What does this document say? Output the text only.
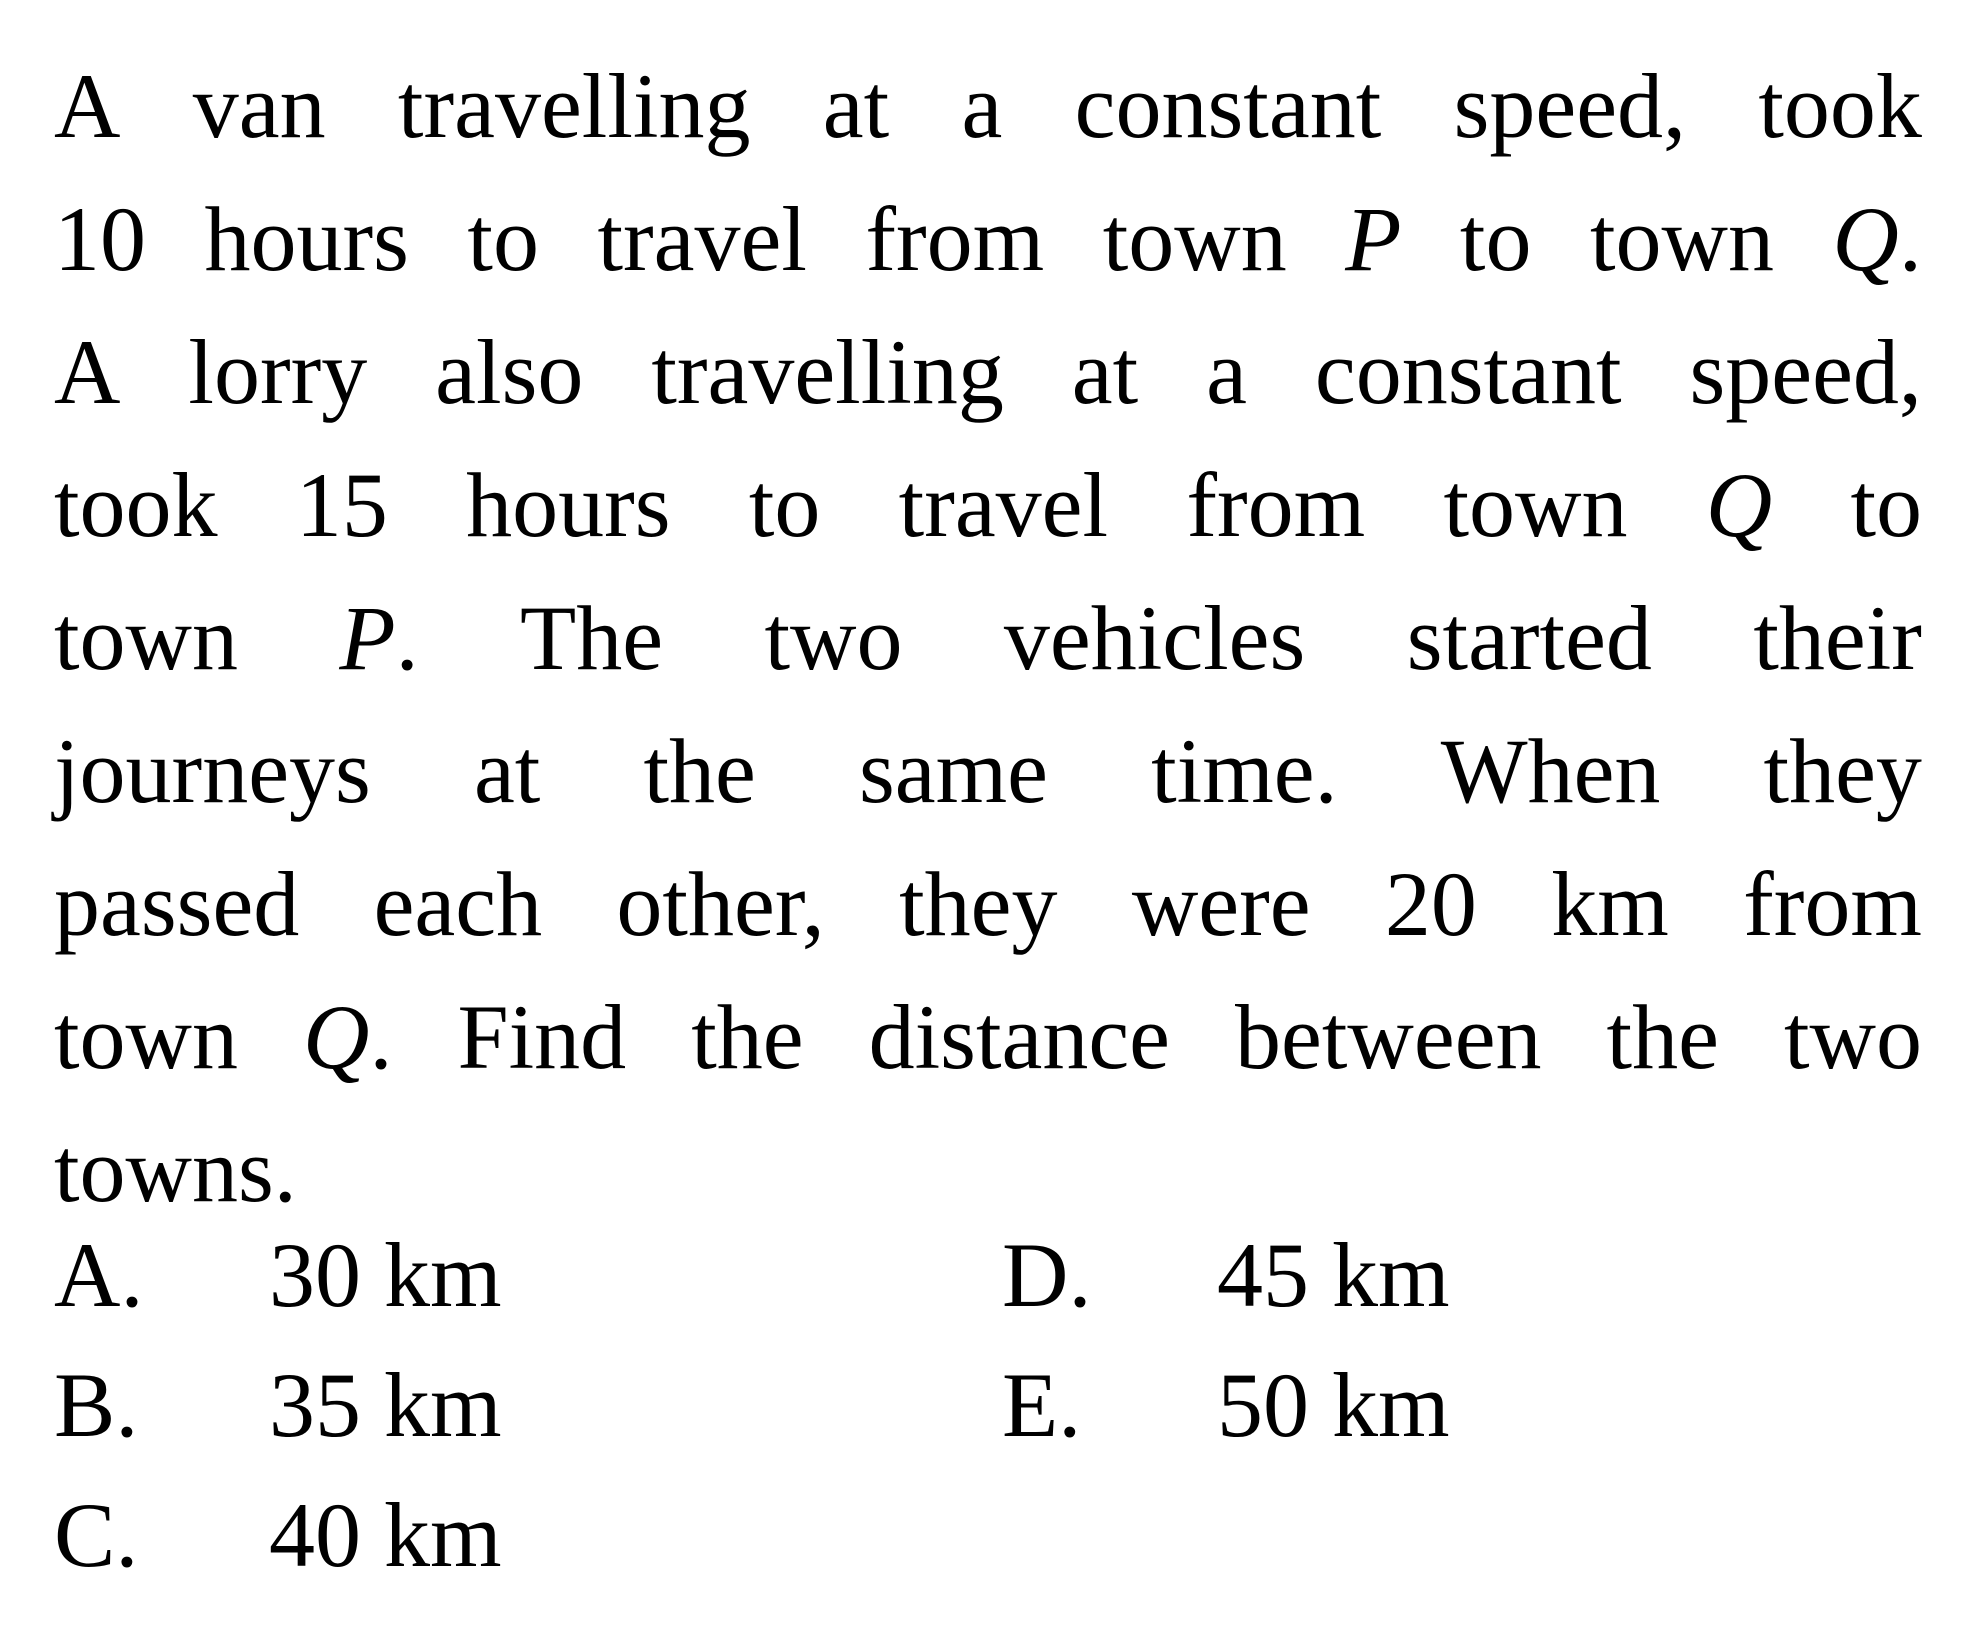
A van travelling at a constant speed, took
10 hours to travel from town P to town Q.
A lorry also travelling at a constant speed,
took 15 hours to travel from town Q to
town P. The two vehicles started their
journeys at the same time. When they
passed each other, they were 20 km from
town Q. Find the distance between the two
towns.
A. 30 km	D. 45 km
B. 35 km	E. 50 km
C. 40 km
